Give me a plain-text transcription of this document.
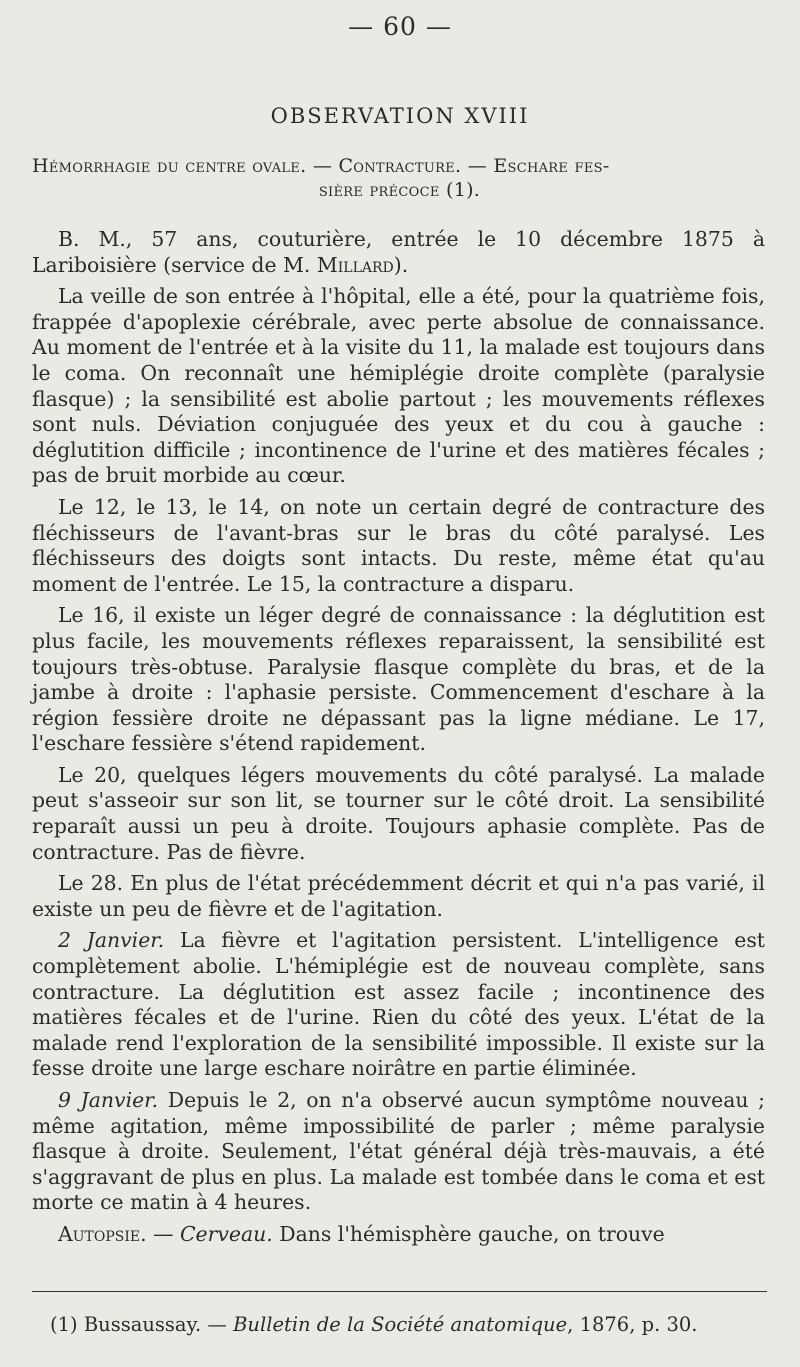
— 60 —
OBSERVATION XVIII
Hémorrhagie du centre ovale. — Contracture. — Eschare fes-
sière précoce (1).

B. M., 57 ans, couturière, entrée le 10 décembre 1875 à Lariboisière (service de M. Millard).

La veille de son entrée à l'hôpital, elle a été, pour la quatrième fois, frappée d'apoplexie cérébrale, avec perte absolue de connaissance. Au moment de l'entrée et à la visite du 11, la malade est toujours dans le coma. On reconnaît une hémiplégie droite complète (paralysie flasque) ; la sensibilité est abolie partout ; les mouvements réflexes sont nuls. Déviation conjuguée des yeux et du cou à gauche : déglutition difficile ; incontinence de l'urine et des matières fécales ; pas de bruit morbide au cœur.

Le 12, le 13, le 14, on note un certain degré de contracture des fléchisseurs de l'avant-bras sur le bras du côté paralysé. Les fléchisseurs des doigts sont intacts. Du reste, même état qu'au moment de l'entrée. Le 15, la contracture a disparu.

Le 16, il existe un léger degré de connaissance : la déglutition est plus facile, les mouvements réflexes reparaissent, la sensibilité est toujours très-obtuse. Paralysie flasque complète du bras, et de la jambe à droite : l'aphasie persiste. Commencement d'eschare à la région fessière droite ne dépassant pas la ligne médiane. Le 17, l'eschare fessière s'étend rapidement.

Le 20, quelques légers mouvements du côté paralysé. La malade peut s'asseoir sur son lit, se tourner sur le côté droit. La sensibilité reparaît aussi un peu à droite. Toujours aphasie complète. Pas de contracture. Pas de fièvre.

Le 28. En plus de l'état précédemment décrit et qui n'a pas varié, il existe un peu de fièvre et de l'agitation.

2 Janvier. La fièvre et l'agitation persistent. L'intelligence est complètement abolie. L'hémiplégie est de nouveau complète, sans contracture. La déglutition est assez facile ; incontinence des matières fécales et de l'urine. Rien du côté des yeux. L'état de la malade rend l'exploration de la sensibilité impossible. Il existe sur la fesse droite une large eschare noirâtre en partie éliminée.

9 Janvier. Depuis le 2, on n'a observé aucun symptôme nouveau ; même agitation, même impossibilité de parler ; même paralysie flasque à droite. Seulement, l'état général déjà très-mauvais, a été s'aggravant de plus en plus. La malade est tombée dans le coma et est morte ce matin à 4 heures.

Autopsie. — Cerveau. Dans l'hémisphère gauche, on trouve

(1) Bussaussay. — Bulletin de la Société anatomique, 1876, p. 30.
